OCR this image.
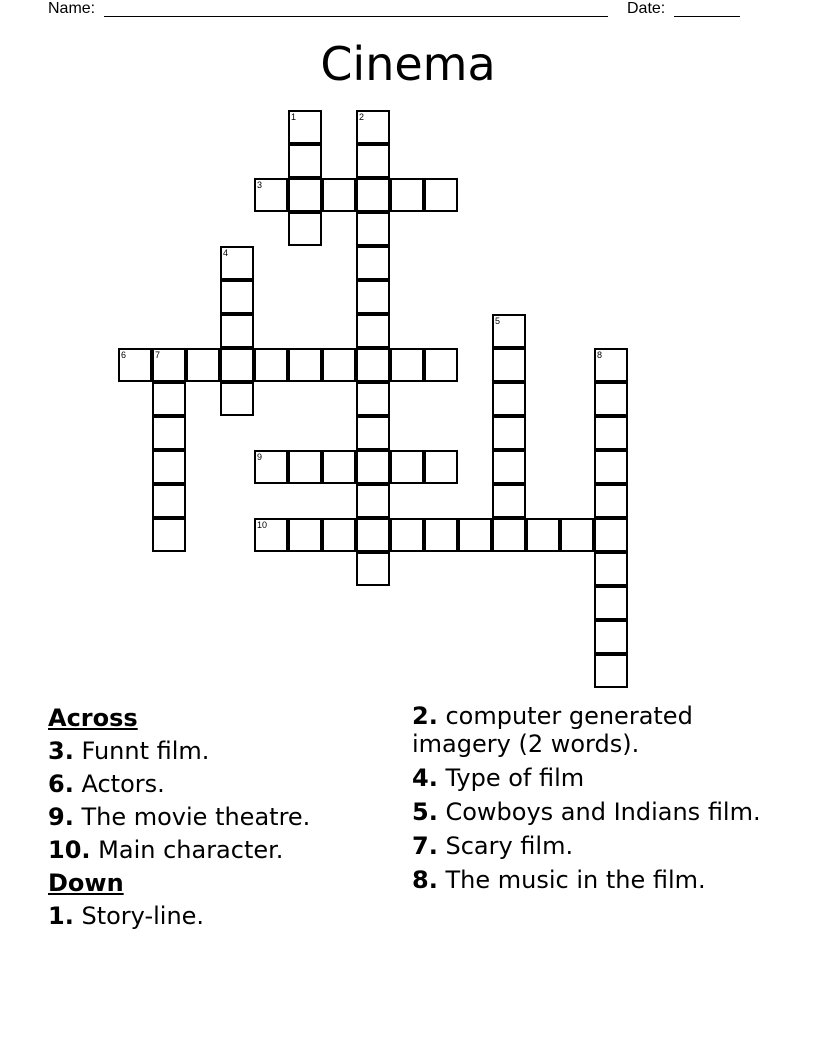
Name:	Date:
Cinema
1	2
3
4
5
6	7	8
9
10
Across
3. Funnt film.
6. Actors.
9. The movie theatre.
10. Main character.
Down
1. Story-line.
2. computer generated imagery (2 words).
4. Type of film
5. Cowboys and Indians film.
7. Scary film.
8. The music in the film.
